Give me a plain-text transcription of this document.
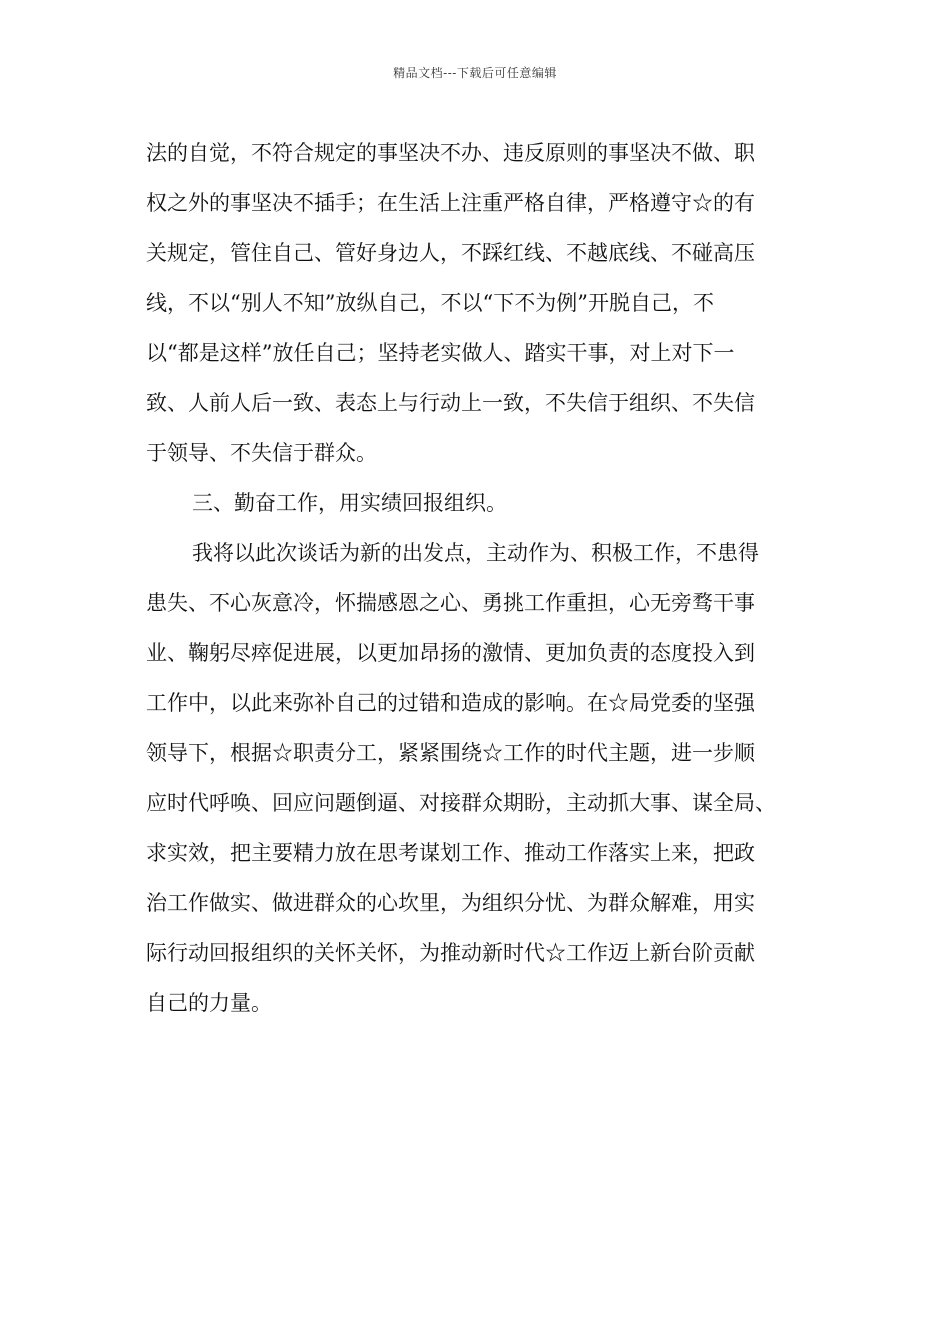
精品文档---下载后可任意编辑
法的自觉，不符合规定的事坚决不办、违反原则的事坚决不做、职
权之外的事坚决不插手；在生活上注重严格自律，严格遵守☆的有
关规定，管住自己、管好身边人，不踩红线、不越底线、不碰高压
线，不以“别人不知”放纵自己，不以“下不为例”开脱自己，不
以“都是这样”放任自己；坚持老实做人、踏实干事，对上对下一
致、人前人后一致、表态上与行动上一致，不失信于组织、不失信
于领导、不失信于群众。
三、勤奋工作，用实绩回报组织。
我将以此次谈话为新的出发点，主动作为、积极工作，不患得
患失、不心灰意冷，怀揣感恩之心、勇挑工作重担，心无旁骛干事
业、鞠躬尽瘁促进展，以更加昂扬的激情、更加负责的态度投入到
工作中，以此来弥补自己的过错和造成的影响。在☆局党委的坚强
领导下，根据☆职责分工，紧紧围绕☆工作的时代主题，进一步顺
应时代呼唤、回应问题倒逼、对接群众期盼，主动抓大事、谋全局、
求实效，把主要精力放在思考谋划工作、推动工作落实上来，把政
治工作做实、做进群众的心坎里，为组织分忧、为群众解难，用实
际行动回报组织的关怀关怀，为推动新时代☆工作迈上新台阶贡献
自己的力量。
